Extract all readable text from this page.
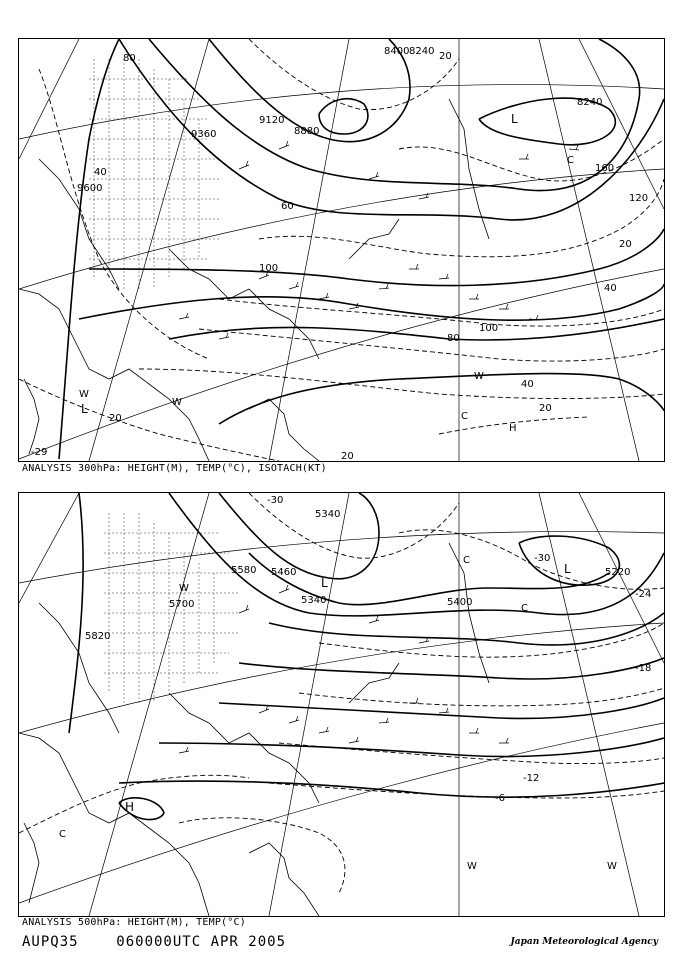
8400 8240
9120
9360	8880
9600
8240
80	20
40
60
100
120
160
40
100
80
40
20
20
20
20
L
L
W
W
W
C
C
H
-29
ANALYSIS 300hPa: HEIGHT(M), TEMP(°C), ISOTACH(KT)
5340
5580 5460
5700
5820
5220
5340	5400
-30
-30
-24
-18
-12
-6
H
C
L
W
C
L
C
W	W
ANALYSIS 500hPa: HEIGHT(M), TEMP(°C)
AUPQ35    060000UTC APR 2005	Japan Meteorological Agency
